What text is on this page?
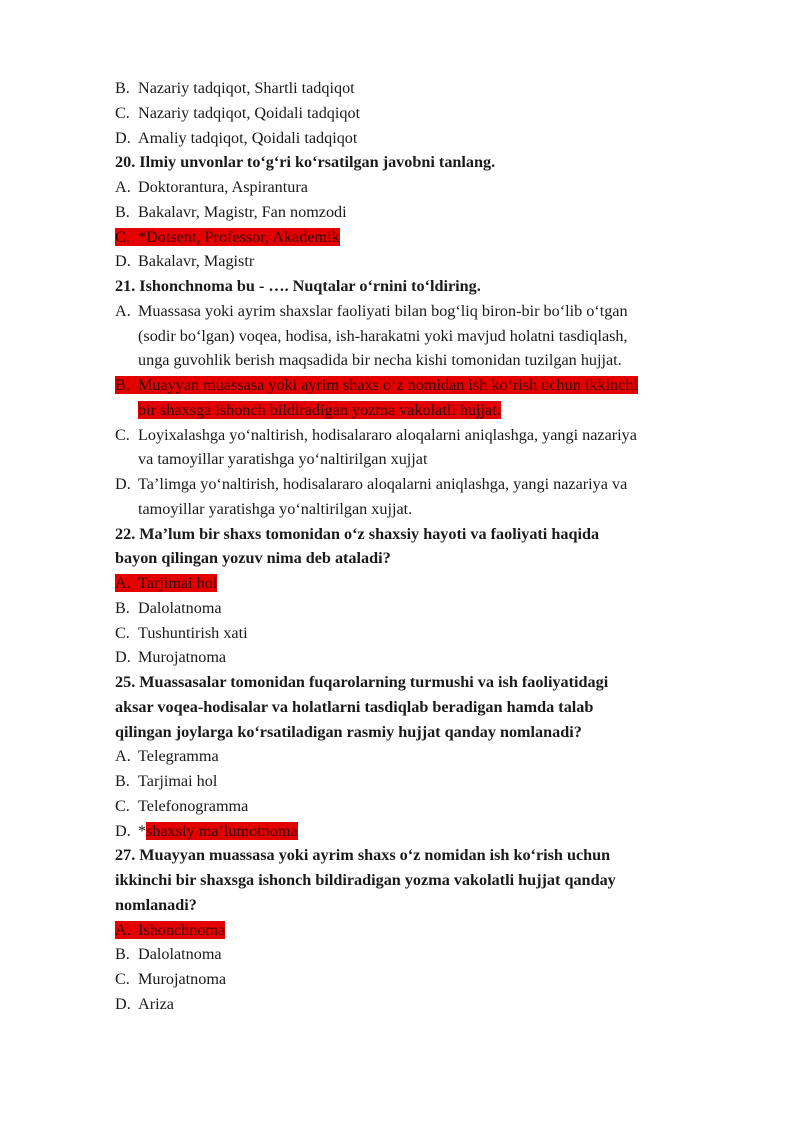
B. Nazariy tadqiqot, Shartli tadqiqot
C. Nazariy tadqiqot, Qoidali tadqiqot
D. Amaliy tadqiqot, Qoidali tadqiqot
20. Ilmiy unvonlar to‘g‘ri ko‘rsatilgan javobni tanlang.
A. Doktorantura, Aspirantura
B. Bakalavr, Magistr, Fan nomzodi
C. *Dotsent, Professor, Akademik
D. Bakalavr, Magistr
21. Ishonchnoma bu - …. Nuqtalar o‘rnini to‘ldiring.
A. Muassasa yoki ayrim shaxslar faoliyati bilan bog‘liq biron-bir bo‘lib o‘tgan
(sodir bo‘lgan) voqea, hodisa, ish-harakatni yoki mavjud holatni tasdiqlash,
unga guvohlik berish maqsadida bir necha kishi tomonidan tuzilgan hujjat.
B. Muayyan muassasa yoki ayrim shaxs o‘z nomidan ish ko‘rish uchun ikkinchi
bir shaxsga ishonch bildiradigan yozma vakolatli hujjat.
C. Loyixalashga yo‘naltirish, hodisalararo aloqalarni aniqlashga, yangi nazariya
va tamoyillar yaratishga yo‘naltirilgan xujjat
D. Ta’limga yo‘naltirish, hodisalararo aloqalarni aniqlashga, yangi nazariya va
tamoyillar yaratishga yo‘naltirilgan xujjat.
22. Ma’lum bir shaxs tomonidan o‘z shaxsiy hayoti va faoliyati haqida
bayon qilingan yozuv nima deb ataladi?
A. Tarjimai hol
B. Dalolatnoma
C. Tushuntirish xati
D. Murojatnoma
25. Muassasalar tomonidan fuqarolarning turmushi va ish faoliyatidagi
aksar voqea-hodisalar va holatlarni tasdiqlab beradigan hamda talab
qilingan joylarga ko‘rsatiladigan rasmiy hujjat qanday nomlanadi?
A. Telegramma
B. Tarjimai hol
C. Telefonogramma
D. *shaxsiy ma’lumotnoma
27. Muayyan muassasa yoki ayrim shaxs o‘z nomidan ish ko‘rish uchun
ikkinchi bir shaxsga ishonch bildiradigan yozma vakolatli hujjat qanday
nomlanadi?
A. Ishonchnoma
B. Dalolatnoma
C. Murojatnoma
D. Ariza
